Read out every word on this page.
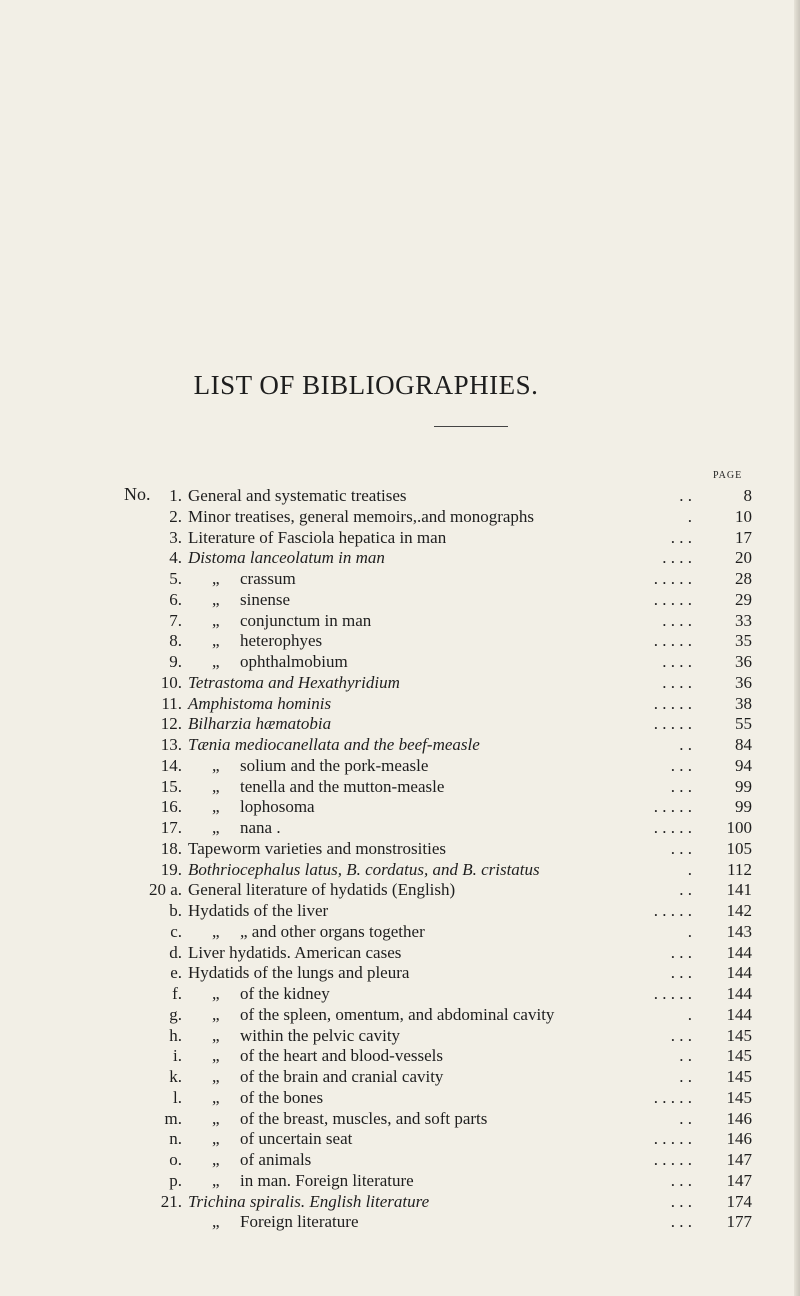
LIST OF BIBLIOGRAPHIES.
PAGE
1. General and systematic treatises	. .	8
2. Minor treatises, general memoirs,.and monographs	.	10
3. Literature of Fasciola hepatica in man	. . .	17
4. Distoma lanceolatum in man	. . . .	20
5. „ crassum	. . . . .	28
6. „ sinense	. . . . .	29
7. „ conjunctum in man	. . . .	33
8. „ heterophyes	. . . . .	35
9. „ ophthalmobium	. . . .	36
10. Tetrastoma and Hexathyridium	. . . .	36
11. Amphistoma hominis	. . . . .	38
12. Bilharzia hæmatobia	. . . . .	55
13. Tænia mediocanellata and the beef-measle	. .	84
14. „ solium and the pork-measle	. . .	94
15. „ tenella and the mutton-measle	. . .	99
16. „ lophosoma	. . . . .	99
17. „ nana .	. . . . .	100
18. Tapeworm varieties and monstrosities	. . .	105
19. Bothriocephalus latus, B. cordatus, and B. cristatus	.	112
20 a. General literature of hydatids (English)	. .	141
b. Hydatids of the liver	. . . . .	142
c. „ „ and other organs together	.	143
d. Liver hydatids. American cases	. . .	144
e. Hydatids of the lungs and pleura	. . .	144
f. „ of the kidney	. . . . .	144
g. „ of the spleen, omentum, and abdominal cavity	.	144
h. „ within the pelvic cavity	. . .	145
i. „ of the heart and blood-vessels	. .	145
k. „ of the brain and cranial cavity	. .	145
l. „ of the bones	. . . . .	145
m. „ of the breast, muscles, and soft parts	. .	146
n. „ of uncertain seat	. . . . .	146
o. „ of animals	. . . . .	147
p. „ in man. Foreign literature	. . .	147
21. Trichina spiralis. English literature	. . .	174
„ Foreign literature	. . .	177
No.
